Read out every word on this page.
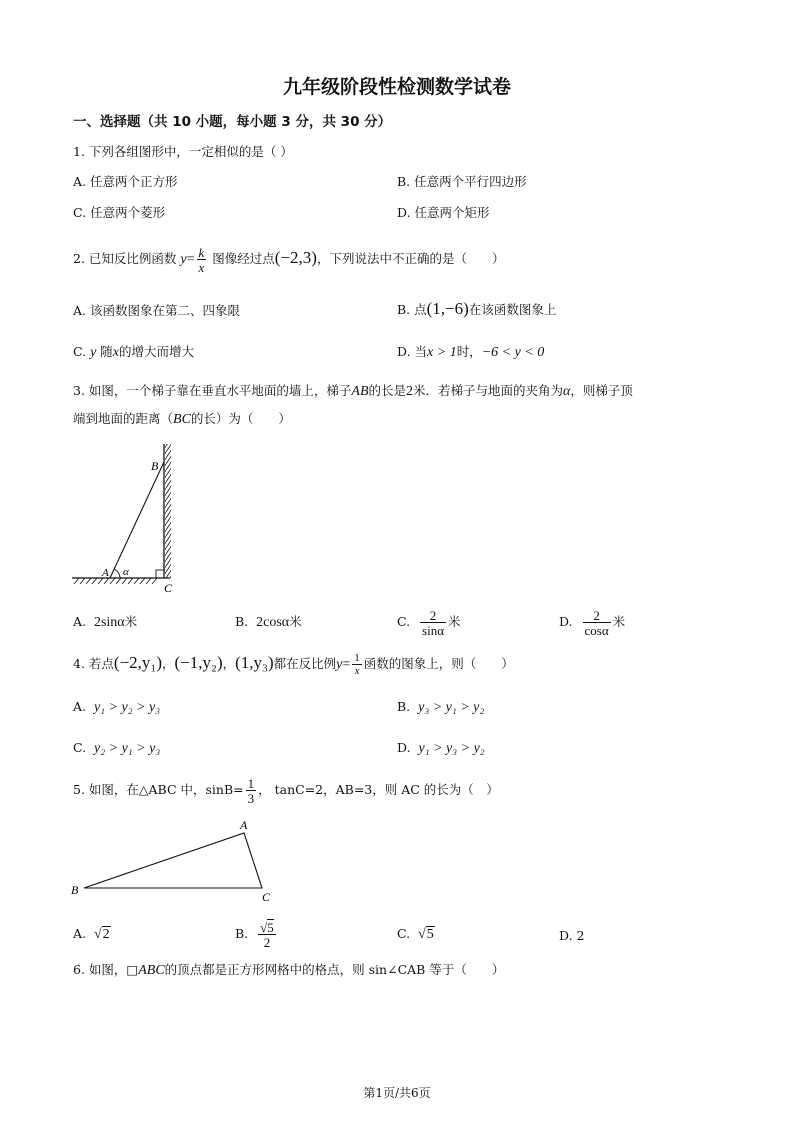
九年级阶段性检测数学试卷
一、选择题（共 10 小题，每小题 3 分，共 30 分）
1. 下列各组图形中，一定相似的是（ ）
A. 任意两个正方形	B. 任意两个平行四边形
C. 任意两个菱形	D. 任意两个矩形
2. 已知反比例函数 $y= \frac{k}{x}$ 图像经过点(−2,3)，下列说法中不正确的是（　　）
A. 该函数图象在第二、四象限	B. 点(1,−6)在该函数图象上
C. y 随x的增大而增大	D. 当x > 1时，−6 < y < 0
3. 如图，一个梯子靠在垂直水平地面的墙上，梯子AB的长是2米．若梯子与地面的夹角为α，则梯子顶
端到地面的距离（BC的长）为（　　）
B
A α
C
A. 2sinα米	B. 2cosα米	C. $\frac{2}{\sin\alpha}$ 米	D. $\frac{2}{\cos\alpha}$ 米
4. 若点(−2,y₁)，(−1,y₂)，(1,y₃)都在反比例$y= \frac{1}{x}$ 函数的图象上，则（　　）
A. y₁ > y₂ > y₃	B. y₃ > y₁ > y₂
C. y₂ > y₁ > y₃	D. y₁ > y₃ > y₂
5. 如图，在△ABC 中，$\sin B= \frac{1}{3}$ ， tanC=2，AB=3，则 AC 的长为（　）
A
B	C
A. √2	B. $\frac{√5}{2}$	C. √5	D. 2
6. 如图，□ABC的顶点都是正方形网格中的格点，则 sin∠CAB 等于（　　）
第1页/共6页
